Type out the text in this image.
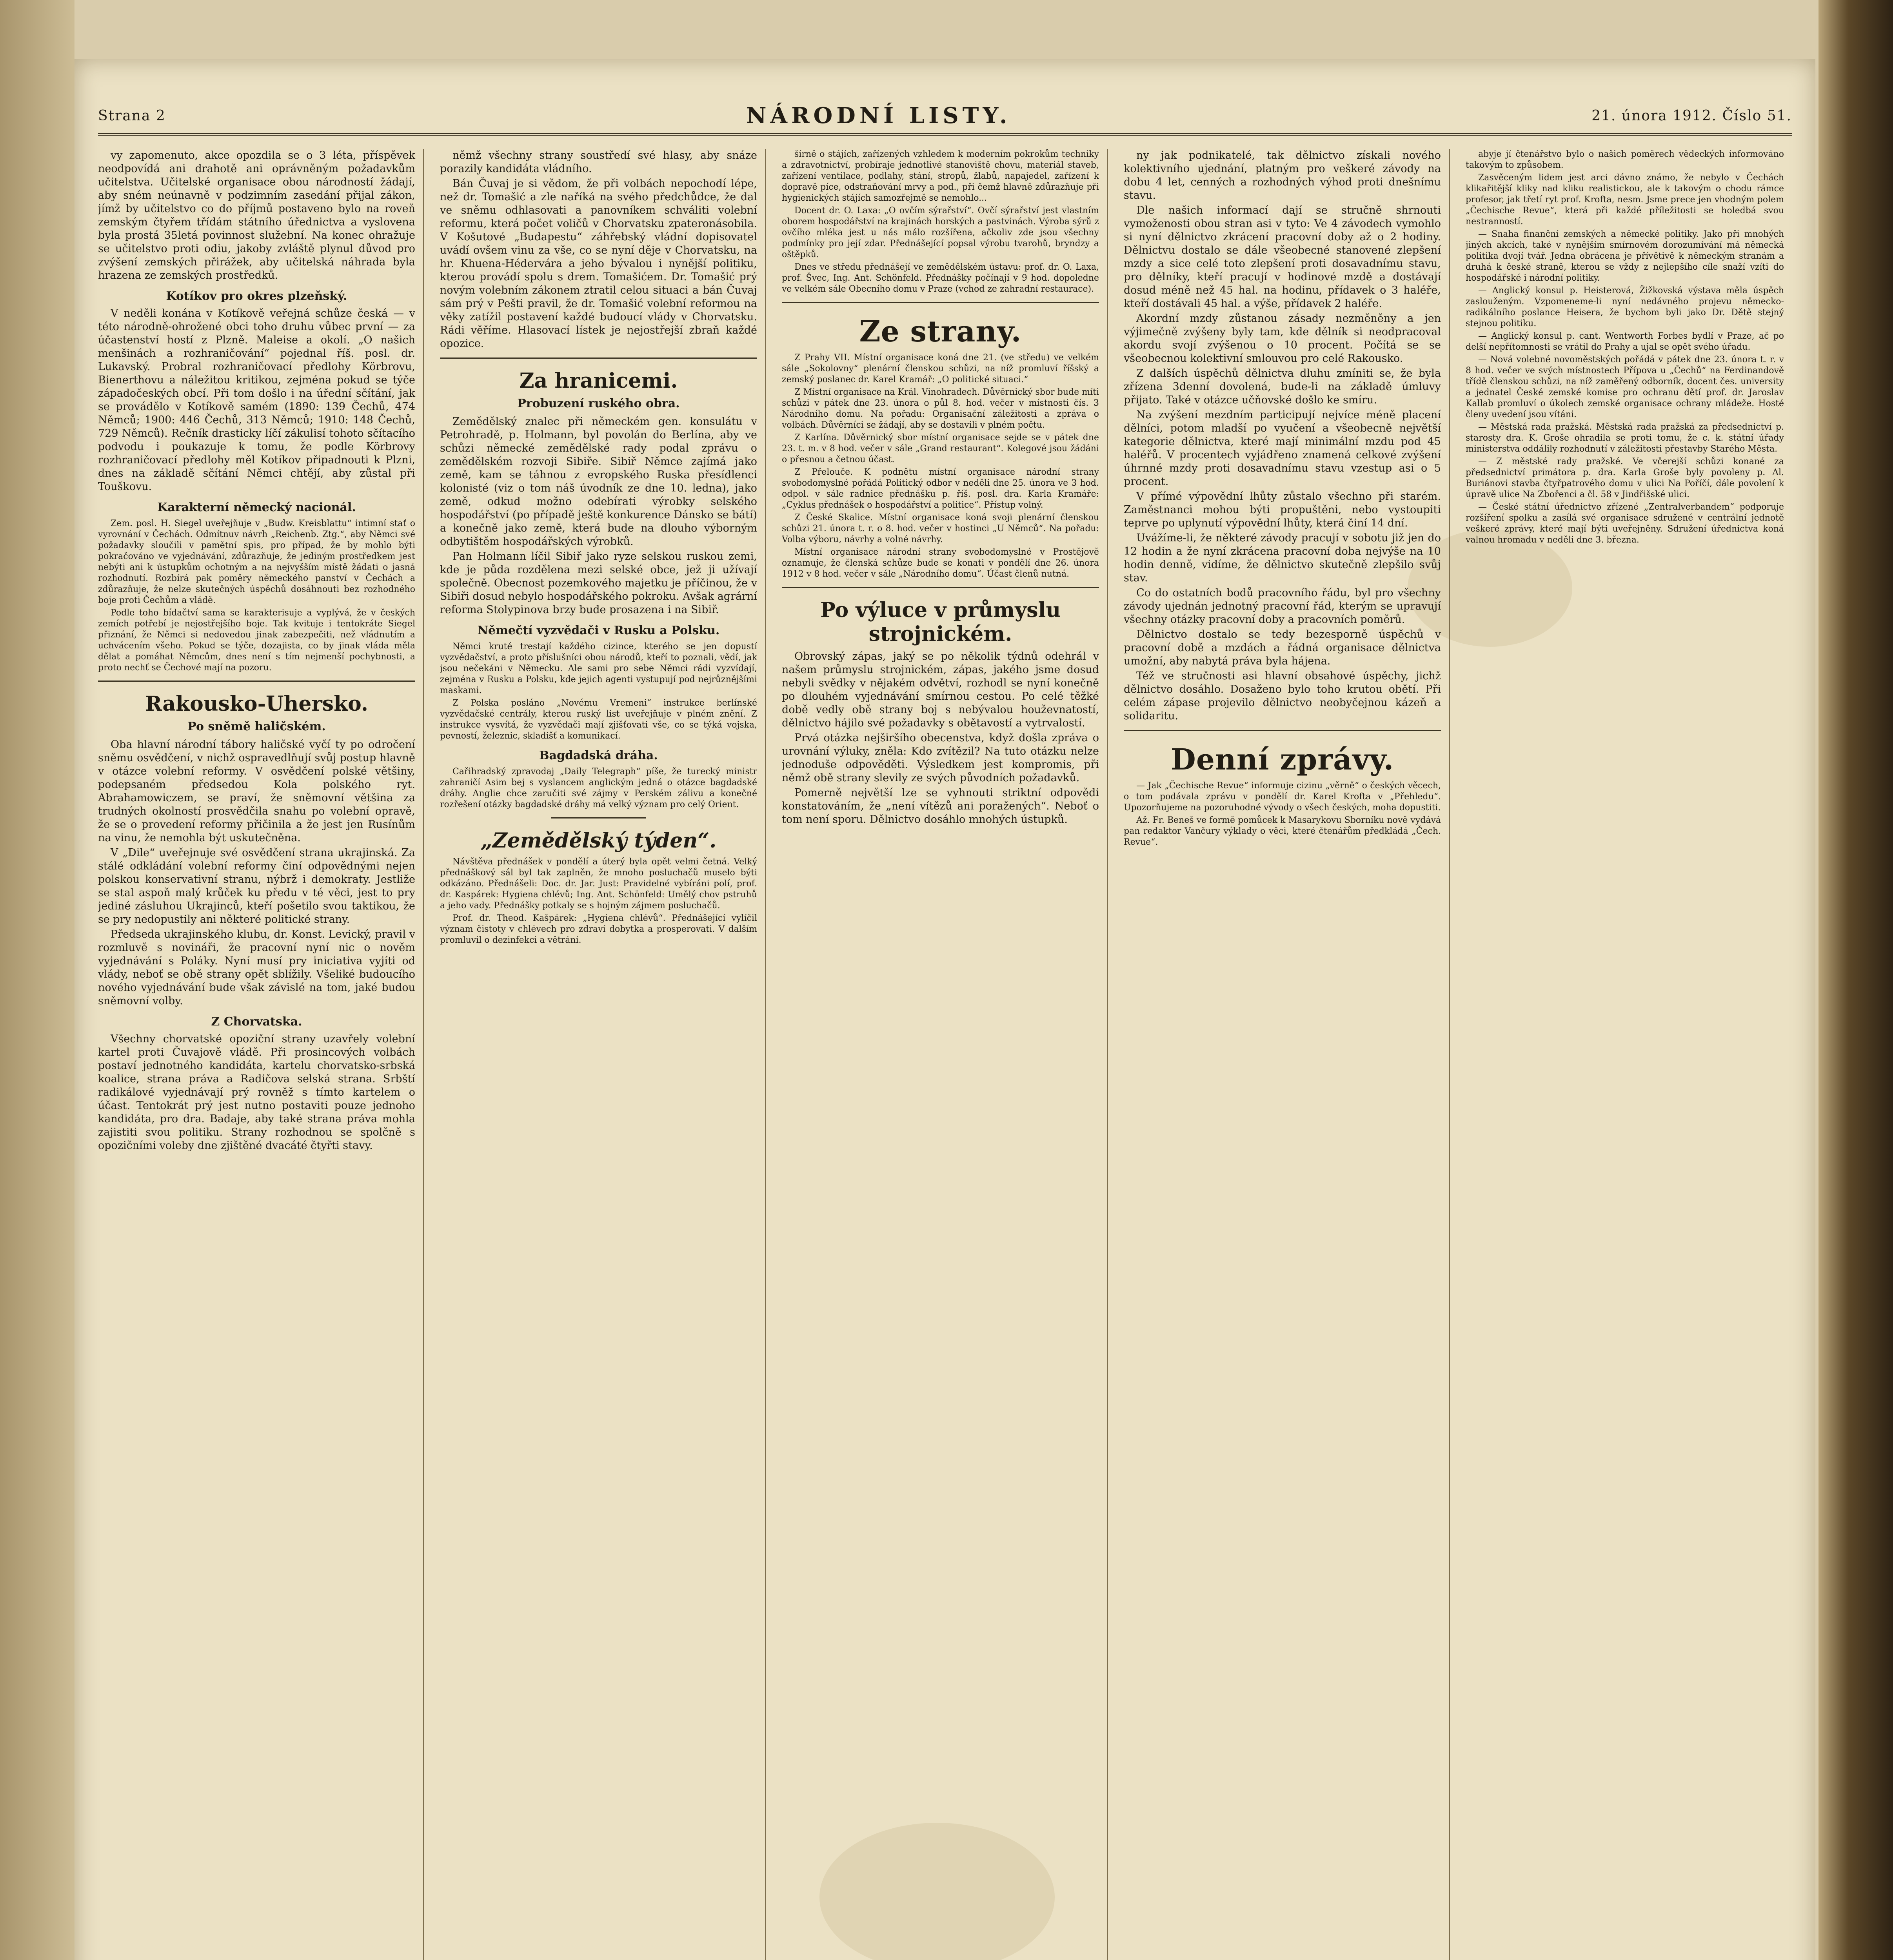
Strana 2	NÁRODNÍ LISTY.	21. února 1912. Číslo 51.

vy zapomenuto, akce opozdila se o 3 léta, příspěvek neodpovídá ani drahotě ani oprávněným požadavkům učitelstva. Učitelské organisace obou národností žádají, aby sném neúnavně v podzimním zasedání přijal zákon, jímž by učitelstvo co do příjmů postaveno bylo na roveň zemským čtyřem třídám státního úřednictva a vyslovena byla prostá 35letá povinnost služební. Na konec ohražuje se učitelstvo proti odiu, jakoby zvláště plynul důvod pro zvýšení zemských přirážek, aby učitelská náhrada byla hrazena ze zemských prostředků.

Kotíkov pro okres plzeňský.

V neděli konána v Kotíkově veřejná schůze česká — v této národně-ohrožené obci toho druhu vůbec první — za účastenství hostí z Plzně. Maleise a okolí. „O našich menšinách a rozhraničování“ pojednal říš. posl. dr. Lukavský. Probral rozhraničovací předlohy Körbrovu, Bienerthovu a náležitou kritikou, zejména pokud se týče západočeských obcí. Při tom došlo i na úřední sčítání, jak se provádělo v Kotíkově samém (1890: 139 Čechů, 474 Němců; 1900: 446 Čechů, 313 Němců; 1910: 148 Čechů, 729 Němců). Rečník drasticky líčí zákulisí tohoto sčítacího podvodu i poukazuje k tomu, že podle Körbrovy rozhraničovací předlohy měl Kotíkov připadnouti k Plzni, dnes na základě sčítání Němci chtějí, aby zůstal při Touškovu.

Karakterní německý nacionál.

Zem. posl. H. Siegel uveřejňuje v „Budw. Kreisblattu“ intimní stať o vyrovnání v Čechách. Odmítnuv návrh „Reichenb. Ztg.“, aby Němci své požadavky sloučili v pamětní spis, pro případ, že by mohlo býti pokračováno ve vyjednávání, zdůrazňuje, že jediným prostředkem jest nebýti ani k ústupkům ochotným a na nejvyšším místě žádati o jasná rozhodnutí. Rozbírá pak poměry německého panství v Čechách a zdůrazňuje, že nelze skutečných úspěchů dosáhnouti bez rozhodného boje proti Čechům a vládě.

Podle toho bídačtví sama se karakterisuje a vyplývá, že v českých zemích potřebí je nejostřejšího boje. Tak kvituje i tentokráte Siegel přiznání, že Němci si nedovedou jinak zabezpečiti, než vládnutím a uchvácením všeho. Pokud se týče, dozajista, co by jinak vláda měla dělat a pomáhat Němcům, dnes není s tím nejmenší pochybnosti, a proto nechť se Čechové mají na pozoru.

Rakousko-Uhersko.
Po sněmě haličském.

Oba hlavní národní tábory haličské vyčí ty po odročení sněmu osvědčení, v nichž ospravedlňují svůj postup hlavně v otázce volební reformy. V osvědčení polské většiny, podepsaném předsedou Kola polského ryt. Abrahamowiczem, se praví, že sněmovní většina za trudných okolností prosvědčila snahu po volební opravě, že se o provedení reformy přičinila a že jest jen Rusínům na vinu, že nemohla být uskutečněna.

V „Dile“ uveřejnuje své osvědčení strana ukrajinská. Za stálé odkládání volební reformy činí odpovědnými nejen polskou konservativní stranu, nýbrž i demokraty. Jestliže se stal aspoň malý krůček ku předu v té věci, jest to pry jediné zásluhou Ukrajinců, kteří pošetilo svou taktikou, že se pry nedopustily ani některé politické strany.

Předseda ukrajinského klubu, dr. Konst. Levický, pravil v rozmluvě s novináři, že pracovní nyní nic o nověm vyjednávání s Poláky. Nyní musí pry iniciativa vyjíti od vlády, neboť se obě strany opět sblížily. Všeliké budoucího nového vyjednávání bude však závislé na tom, jaké budou sněmovní volby.

Z Chorvatska.

Všechny chorvatské opoziční strany uzavřely volební kartel proti Čuvajově vládě. Při prosincových volbách postaví jednotného kandidáta, kartelu chorvatsko-srbská koalice, strana práva a Radičova selská strana. Srbští radikálové vyjednávají prý rovněž s tímto kartelem o účast. Tentokrát prý jest nutno postaviti pouze jednoho kandidáta, pro dra. Badaje, aby také strana práva mohla zajistiti svou politiku. Strany rozhodnou se spolčně s opozičními voleby dne zjištěné dvacáté čtyřti stavy.

němž všechny strany soustředí své hlasy, aby snáze porazily kandidáta vládního.

Bán Čuvaj je si vědom, že při volbách nepochodí lépe, než dr. Tomašić a zle naříká na svého předchůdce, že dal ve sněmu odhlasovati a panovníkem schváliti volební reformu, která počet voličů v Chorvatsku zpateronásobila. V Košutové „Budapestu“ záhřebský vládní dopisovatel uvádí ovšem vinu za vše, co se nyní děje v Chorvatsku, na hr. Khuena-Hédervára a jeho bývalou i nynější politiku, kterou provádí spolu s drem. Tomašićem. Dr. Tomašić prý novým volebním zákonem ztratil celou situaci a bán Čuvaj sám prý v Pešti pravil, že dr. Tomašić volební reformou na věky zatížil postavení každé budoucí vlády v Chorvatsku. Rádi věříme. Hlasovací lístek je nejostřejší zbraň každé opozice.

Za hranicemi.
Probuzení ruského obra.

Zemědělský znalec při německém gen. konsulátu v Petrohradě, p. Holmann, byl povolán do Berlína, aby ve schůzi německé zemědělské rady podal zprávu o zemědělském rozvoji Sibiře. Sibiř Němce zajímá jako země, kam se táhnou z evropského Ruska přesídlenci kolonisté (viz o tom náš úvodník ze dne 10. ledna), jako země, odkud možno odebírati výrobky selského hospodářství (po případě ještě konkurence Dánsko se bátí) a konečně jako země, která bude na dlouho výborným odbytištěm hospodářských výrobků.

Pan Holmann líčil Sibiř jako ryze selskou ruskou zemi, kde je půda rozdělena mezi selské obce, jež ji užívají společně. Obecnost pozemkového majetku je příčinou, že v Sibiři dosud nebylo hospodářského pokroku. Avšak agrární reforma Stolypinova brzy bude prosazena i na Sibiř.

Němečtí vyzvědači v Rusku a Polsku.

Němci kruté trestají každého cizince, kterého se jen dopustí vyzvědačství, a proto příslušníci obou národů, kteří to poznali, vědí, jak jsou nečekáni v Německu. Ale sami pro sebe Němci rádi vyzvídají, zejména v Rusku a Polsku, kde jejich agenti vystupují pod nejrůznějšími maskami.

Z Polska posláno „Novému Vremeni“ instrukce berlínské vyzvědačské centrály, kterou ruský list uveřejňuje v plném znění. Z instrukce vysvítá, že vyzvědači mají zjišťovati vše, co se týká vojska, pevností, železnic, skladišť a komunikací.

Bagdadská dráha.

Cařihradský zpravodaj „Daily Telegraph“ píše, že turecký ministr zahraničí Asim bej s vyslancem anglickým jedná o otázce bagdadské dráhy. Anglie chce zaručiti své zájmy v Perském zálivu a konečné rozřešení otázky bagdadské dráhy má velký význam pro celý Orient.

„Zemědělský týden“.

Návštěva přednášek v pondělí a úterý byla opět velmi četná. Velký přednáškový sál byl tak zaplněn, že mnoho posluchačů muselo býti odkázáno. Přednášeli: Doc. dr. Jar. Just: Pravidelné vybíráni polí, prof. dr. Kaspárek: Hygiena chlévů; Ing. Ant. Schönfeld: Umělý chov pstruhů a jeho vady. Přednášky potkaly se s hojným zájmem posluchačů.

Prof. dr. Theod. Kašpárek: „Hygiena chlévů“. Přednášející vylíčil význam čistoty v chlévech pro zdraví dobytka a prosperovati. V dalším promluvil o dezinfekci a větrání.

šírně o stájích, zařízených vzhledem k moderním pokrokům techniky a zdravotnictví, probíraje jednotlivé stanoviště chovu, materiál staveb, zařízení ventilace, podlahy, stání, stropů, žlabů, napajedel, zařízení k dopravě píce, odstraňování mrvy a pod., při čemž hlavně zdůrazňuje při hygienických stájích samozřejmě se nemohlo...

Docent dr. O. Laxa: „O ovčím sýrařství“. Ovčí sýrařství jest vlastním oborem hospodářství na krajinách horských a pastvinách. Výroba sýrů z ovčího mléka jest u nás málo rozšířena, ačkoliv zde jsou všechny podmínky pro její zdar. Přednášející popsal výrobu tvarohů, bryndzy a oštěpků.

Dnes ve středu přednášejí ve zemědělském ústavu: prof. dr. O. Laxa, prof. Švec, Ing. Ant. Schönfeld. Přednášky počínají v 9 hod. dopoledne ve velkém sále Obecního domu v Praze (vchod ze zahradní restaurace).

Ze strany.

Z Prahy VII. Místní organisace koná dne 21. (ve středu) ve velkém sále „Sokolovny“ plenární členskou schůzi, na níž promluví říšský a zemský poslanec dr. Karel Kramář: „O politické situaci.“

Z Místní organisace na Král. Vinohradech. Důvěrnický sbor bude míti schůzi v pátek dne 23. února o půl 8. hod. večer v místnosti čís. 3 Národního domu. Na pořadu: Organisační záležitosti a zpráva o volbách. Důvěrníci se žádají, aby se dostavili v plném počtu.

Z Karlína. Důvěrnický sbor místní organisace sejde se v pátek dne 23. t. m. v 8 hod. večer v sále „Grand restaurant“. Kolegové jsou žádáni o přesnou a četnou účast.

Z Přelouče. K podnětu místní organisace národní strany svobodomyslné pořádá Politický odbor v neděli dne 25. února ve 3 hod. odpol. v sále radnice přednášku p. říš. posl. dra. Karla Kramáře: „Cyklus přednášek o hospodářství a politice“. Přístup volný.

Z České Skalice. Místní organisace koná svoji plenární členskou schůzi 21. února t. r. o 8. hod. večer v hostinci „U Němců“. Na pořadu: Volba výboru, návrhy a volné návrhy.

Místní organisace národní strany svobodomyslné v Prostějově oznamuje, že členská schůze bude se konati v pondělí dne 26. února 1912 v 8 hod. večer v sále „Národního domu“. Účast členů nutná.

Po výluce v průmyslu strojnickém.

Obrovský zápas, jaký se po několik týdnů odehrál v našem průmyslu strojnickém, zápas, jakého jsme dosud nebyli svědky v nějakém odvětví, rozhodl se nyní konečně po dlouhém vyjednávání smírnou cestou. Po celé těžké době vedly obě strany boj s nebývalou houževnatostí, dělnictvo hájilo své požadavky s obětavostí a vytrvalostí.

Prvá otázka nejširšího obecenstva, když došla zpráva o urovnání výluky, zněla: Kdo zvítězil? Na tuto otázku nelze jednoduše odpověděti. Výsledkem jest kompromis, při němž obě strany slevily ze svých původních požadavků.

Pomerně největší lze se vyhnouti striktní odpovědi konstatováním, že „není vítězů ani poražených“. Neboť o tom není sporu. Dělnictvo dosáhlo mnohých ústupků.

ny jak podnikatelé, tak dělnictvo získali nového kolektivního ujednání, platným pro veškeré závody na dobu 4 let, cenných a rozhodných výhod proti dnešnímu stavu.

Dle našich informací dají se stručně shrnouti vymoženosti obou stran asi v tyto: Ve 4 závodech vymohlo si nyní dělnictvo zkrácení pracovní doby až o 2 hodiny. Dělnictvu dostalo se dále všeobecné stanovené zlepšení mzdy a sice celé toto zlepšení proti dosavadnímu stavu, pro dělníky, kteří pracují v hodinové mzdě a dostávají dosud méně než 45 hal. na hodinu, přídavek o 3 haléře, kteří dostávali 45 hal. a výše, přídavek 2 haléře.

Akordní mzdy zůstanou zásady nezměněny a jen výjimečně zvýšeny byly tam, kde dělník si neodpracoval akordu svojí zvýšenou o 10 procent. Počítá se se všeobecnou kolektivní smlouvou pro celé Rakousko.

Z dalších úspěchů dělnictva dluhu zmíniti se, že byla zřízena 3denní dovolená, bude-li na základě úmluvy přijato. Také v otázce učňovské došlo ke smíru.

Na zvýšení mezdním participují nejvíce méně placení dělníci, potom mladší po vyučení a všeobecně největší kategorie dělnictva, které mají minimální mzdu pod 45 haléřů. V procentech vyjádřeno znamená celkové zvýšení úhrnné mzdy proti dosavadnímu stavu vzestup asi o 5 procent.

V přímé výpovědní lhůty zůstalo všechno při starém. Zaměstnanci mohou býti propuštěni, nebo vystoupiti teprve po uplynutí výpovědní lhůty, která činí 14 dní.

Uvážíme-li, že některé závody pracují v sobotu již jen do 12 hodin a že nyní zkrácena pracovní doba nejvýše na 10 hodin denně, vidíme, že dělnictvo skutečně zlepšilo svůj stav.

Co do ostatních bodů pracovního řádu, byl pro všechny závody ujednán jednotný pracovní řád, kterým se upravují všechny otázky pracovní doby a pracovních poměrů.

Dělnictvo dostalo se tedy bezesporně úspěchů v pracovní době a mzdách a řádná organisace dělnictva umožní, aby nabytá práva byla hájena.

Též ve stručnosti asi hlavní obsahové úspěchy, jichž dělnictvo dosáhlo. Dosaženo bylo toho krutou obětí. Při celém zápase projevilo dělnictvo neobyčejnou kázeň a solidaritu.

Denní zprávy.

— Jak „Čechische Revue“ informuje cizinu „věrně“ o českých věcech, o tom podávala zprávu v pondělí dr. Karel Krofta v „Přehledu“. Upozorňujeme na pozoruhodné vývody o všech českých, moha dopustiti.

Až. Fr. Beneš ve formě pomůcek k Masarykovu Sborníku nově vydává pan redaktor Vančury výklady o věci, které čtenářům předkládá „Čech. Revue“.

abyje jí čtenářstvo bylo o našich poměrech vědeckých informováno takovým to způsobem.

Zasvěceným lidem jest arci dávno známo, že nebylo v Čechách klikařitější kliky nad kliku realistickou, ale k takovým o chodu rámce profesor, jak třetí ryt prof. Krofta, nesm. Jsme prece jen vhodným polem „Čechische Revue“, která při každé příležitosti se holedbá svou nestranností.

— Snaha finanční zemských a německé politiky. Jako při mnohých jiných akcích, také v nynějším smírnovém dorozumívání má německá politika dvojí tvář. Jedna obrácena je přívětivě k německým stranám a druhá k české straně, kterou se vždy z nejlepšího cíle snaží vzíti do hospodářské i národní politiky.

— Anglický konsul p. Heisterová, Žižkovská výstava měla úspěch zaslouženým. Vzpomeneme-li nyní nedávného projevu německo-radikálního poslance Heisera, že bychom byli jako Dr. Dětě stejný stejnou politiku.

— Anglický konsul p. cant. Wentworth Forbes bydlí v Praze, ač po delší nepřítomnosti se vrátil do Prahy a ujal se opět svého úřadu.

— Nová volebné novoměstských pořádá v pátek dne 23. února t. r. v 8 hod. večer ve svých místnostech Přípova u „Čechů“ na Ferdinandově třídě členskou schůzi, na níž zaměřený odborník, docent čes. university a jednatel České zemské komise pro ochranu dětí prof. dr. Jaroslav Kallab promluví o úkolech zemské organisace ochrany mládeže. Hosté členy uvedení jsou vítáni.

— Městská rada pražská. Městská rada pražská za předsednictví p. starosty dra. K. Groše ohradila se proti tomu, že c. k. státní úřady ministerstva oddálily rozhodnutí v záležitosti přestavby Starého Města.

— Z městské rady pražské. Ve včerejší schůzi konané za předsednictví primátora p. dra. Karla Groše byly povoleny p. Al. Buriánovi stavba čtyřpatrového domu v ulici Na Poříčí, dále povolení k úpravě ulice Na Zbořenci a čl. 58 v Jindřišské ulici.

— České státní úřednictvo zřízené „Zentralverbandem“ podporuje rozšíření spolku a zasílá své organisace sdružené v centrální jednotě veškeré zprávy, které mají býti uveřejněny. Sdružení úřednictva koná valnou hromadu v neděli dne 3. března.
